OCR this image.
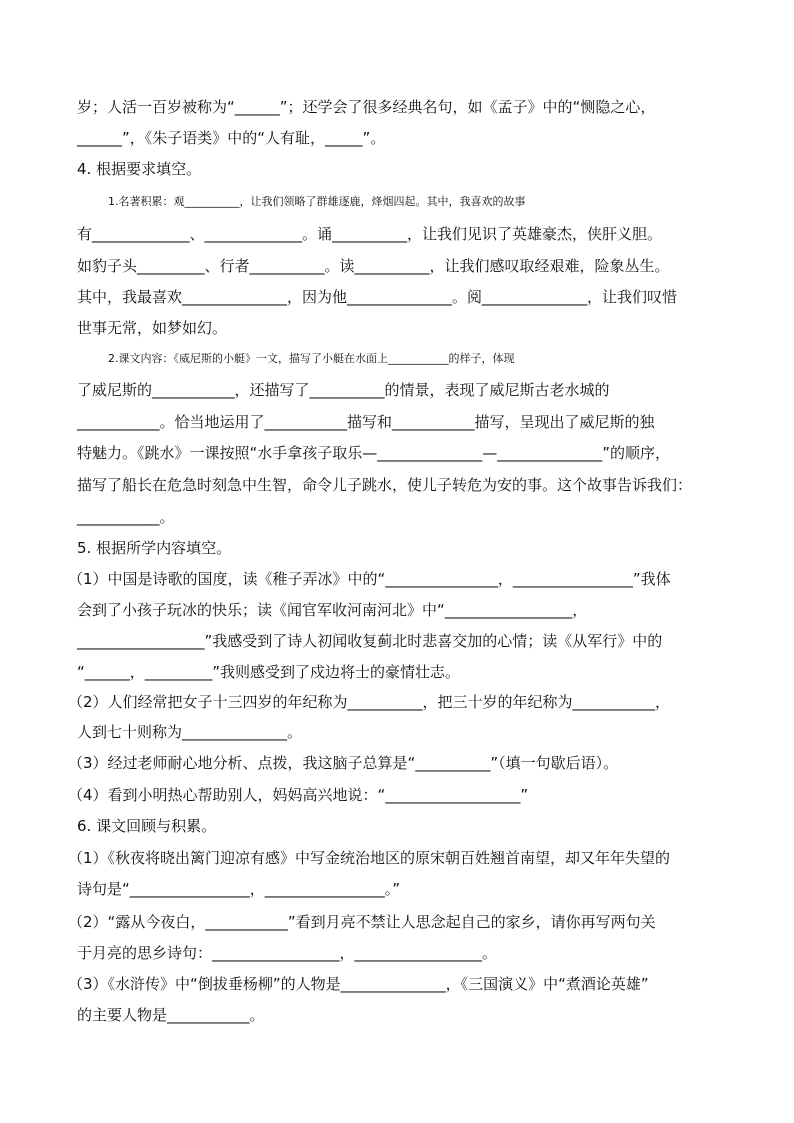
岁；人活一百岁被称为“______”；还学会了很多经典名句，如《孟子》中的“恻隐之心，
______”，《朱子语类》中的“人有耻，_____”。
4. 根据要求填空。
1.名著积累：观__________，让我们领略了群雄逐鹿，烽烟四起。其中，我喜欢的故事
有_____________、_____________。诵__________，让我们见识了英雄豪杰，侠肝义胆。
如豹子头_________、行者__________。读__________，让我们感叹取经艰难，险象丛生。
其中，我最喜欢______________，因为他______________。阅______________，让我们叹惜
世事无常，如梦如幻。
2.课文内容：《威尼斯的小艇》一文，描写了小艇在水面上___________的样子，体现
了威尼斯的___________，还描写了__________的情景，表现了威尼斯古老水城的
___________。恰当地运用了___________描写和___________描写，呈现出了威尼斯的独
特魅力。《跳水》一课按照“水手拿孩子取乐—______________—______________”的顺序，
描写了船长在危急时刻急中生智，命令儿子跳水，使儿子转危为安的事。这个故事告诉我们：
___________。
5. 根据所学内容填空。
（1）中国是诗歌的国度，读《稚子弄冰》中的“_______________，________________”我体
会到了小孩子玩冰的快乐；读《闻官军收河南河北》中“_________________，
_________________”我感受到了诗人初闻收复蓟北时悲喜交加的心情；读《从军行》中的
“______，_________”我则感受到了戍边将士的豪情壮志。
（2）人们经常把女子十三四岁的年纪称为__________，把三十岁的年纪称为___________，
人到七十则称为______________。
（3）经过老师耐心地分析、点拨，我这脑子总算是“__________”（填一句歇后语）。
（4）看到小明热心帮助别人，妈妈高兴地说：“__________________”
6. 课文回顾与积累。
（1）《秋夜将晓出篱门迎凉有感》中写金统治地区的原宋朝百姓翘首南望，却又年年失望的
诗句是“________________，________________。”
（2）“露从今夜白，___________”看到月亮不禁让人思念起自己的家乡，请你再写两句关
于月亮的思乡诗句：_________________，_________________。
（3）《水浒传》中“倒拔垂杨柳”的人物是______________，《三国演义》中“煮酒论英雄”
的主要人物是___________。
